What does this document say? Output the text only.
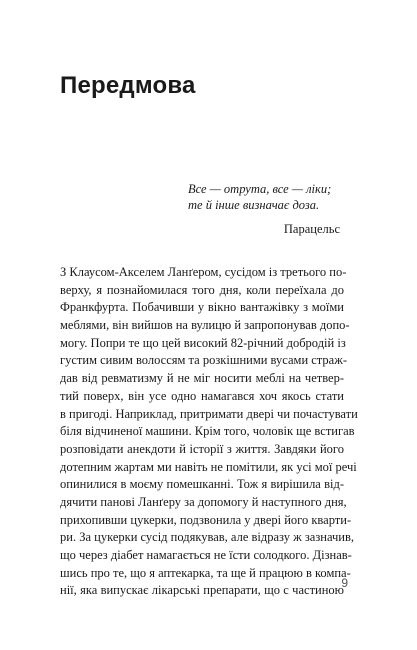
Передмова
Все — отрута, все — ліки;
те й інше визначає доза.
Парацельс
З Клаусом-Акселем Ланґером, сусідом із третього по-
верху, я познайомилася того дня, коли переїхала до
Франкфурта. Побачивши у вікно вантажівку з моїми
меблями, він вийшов на вулицю й запропонував допо-
могу. Попри те що цей високий 82-річний добродій із
густим сивим волоссям та розкішними вусами страж-
дав від ревматизму й не міг носити меблі на четвер-
тий поверх, він усе одно намагався хоч якось стати
в пригоді. Наприклад, притримати двері чи почастувати
біля відчиненої машини. Крім того, чоловік ще встигав
розповідати анекдоти й історії з життя. Завдяки його
дотепним жартам ми навіть не помітили, як усі мої речі
опинилися в моєму помешканні. Тож я вирішила від-
дячити панові Ланґеру за допомогу й наступного дня,
прихопивши цукерки, подзвонила у двері його кварти-
ри. За цукерки сусід подякував, але відразу ж зазначив,
що через діабет намагається не їсти солодкого. Дізнав-
шись про те, що я аптекарка, та ще й працюю в компа-
нії, яка випускає лікарські препарати, що с частиною
9
